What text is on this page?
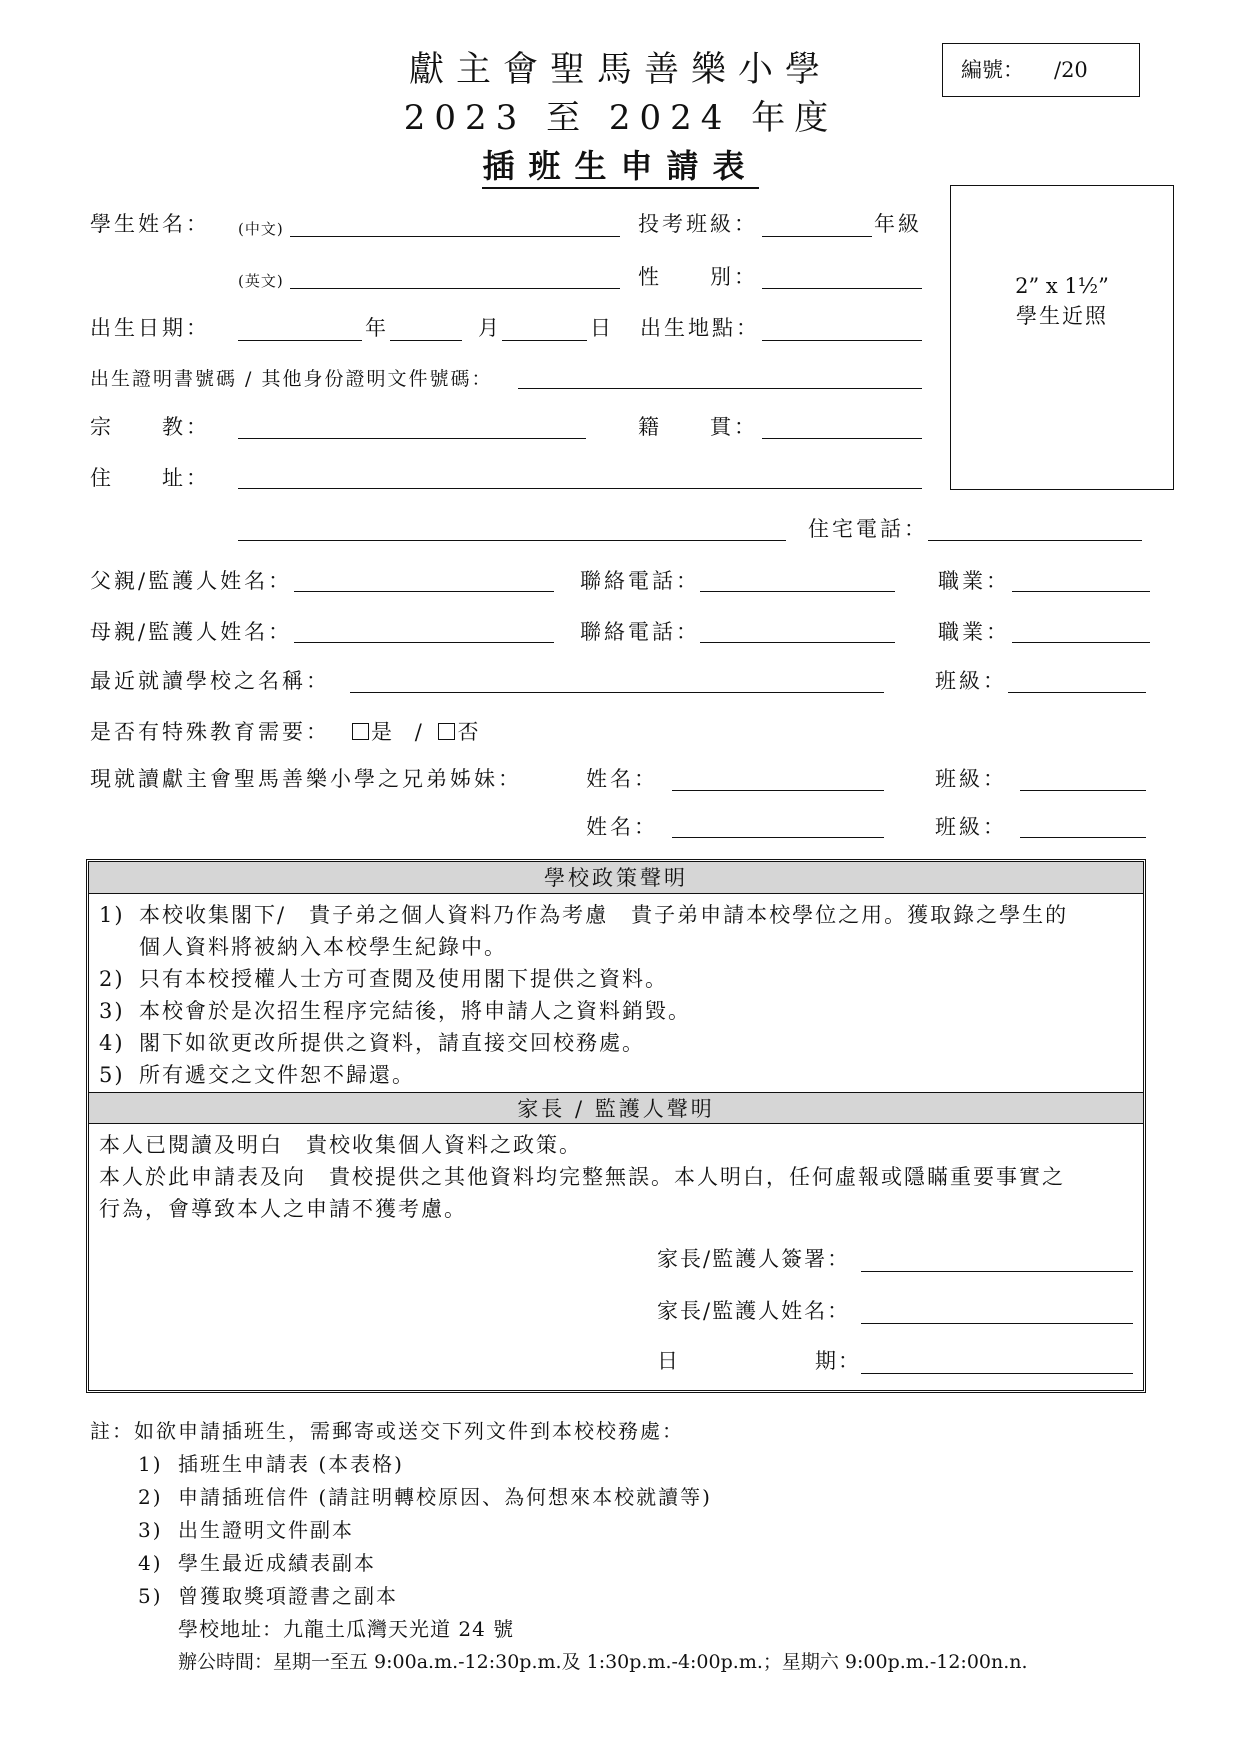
獻主會聖馬善樂小學
2023 至 2024 年度
插班生申請表
編號： /20
2” x 1½”
學生近照
學生姓名： (中文)	投考班級：	年級
(英文)	性　　別：
出生日期：	年	月	日 出生地點：
出生證明書號碼 / 其他身份證明文件號碼：
宗　　教：	籍　　貫：
住　　址：
住宅電話：
父親/監護人姓名：	聯絡電話：	職業：
母親/監護人姓名：	聯絡電話：	職業：
最近就讀學校之名稱：	班級：
是否有特殊教育需要：	是 / 否
現就讀獻主會聖馬善樂小學之兄弟姊妹：	姓名：	班級：
姓名：	班級：
學校政策聲明
1) 本校收集閣下/　貴子弟之個人資料乃作為考慮　貴子弟申請本校學位之用。獲取錄之學生的
個人資料將被納入本校學生紀錄中。
2) 只有本校授權人士方可查閱及使用閣下提供之資料。
3) 本校會於是次招生程序完結後，將申請人之資料銷毀。
4) 閣下如欲更改所提供之資料，請直接交回校務處。
5) 所有遞交之文件恕不歸還。
家長 / 監護人聲明
本人已閱讀及明白　貴校收集個人資料之政策。
本人於此申請表及向　貴校提供之其他資料均完整無誤。本人明白，任何虛報或隱瞞重要事實之
行為，會導致本人之申請不獲考慮。
家長/監護人簽署：
家長/監護人姓名：
日	期：
註：如欲申請插班生，需郵寄或送交下列文件到本校校務處：
1) 插班生申請表 (本表格)
2) 申請插班信件 (請註明轉校原因、為何想來本校就讀等)
3) 出生證明文件副本
4) 學生最近成績表副本
5) 曾獲取獎項證書之副本
學校地址：九龍土瓜灣天光道 24 號
辦公時間：星期一至五 9:00a.m.-12:30p.m.及 1:30p.m.-4:00p.m.；星期六 9:00p.m.-12:00n.n.
